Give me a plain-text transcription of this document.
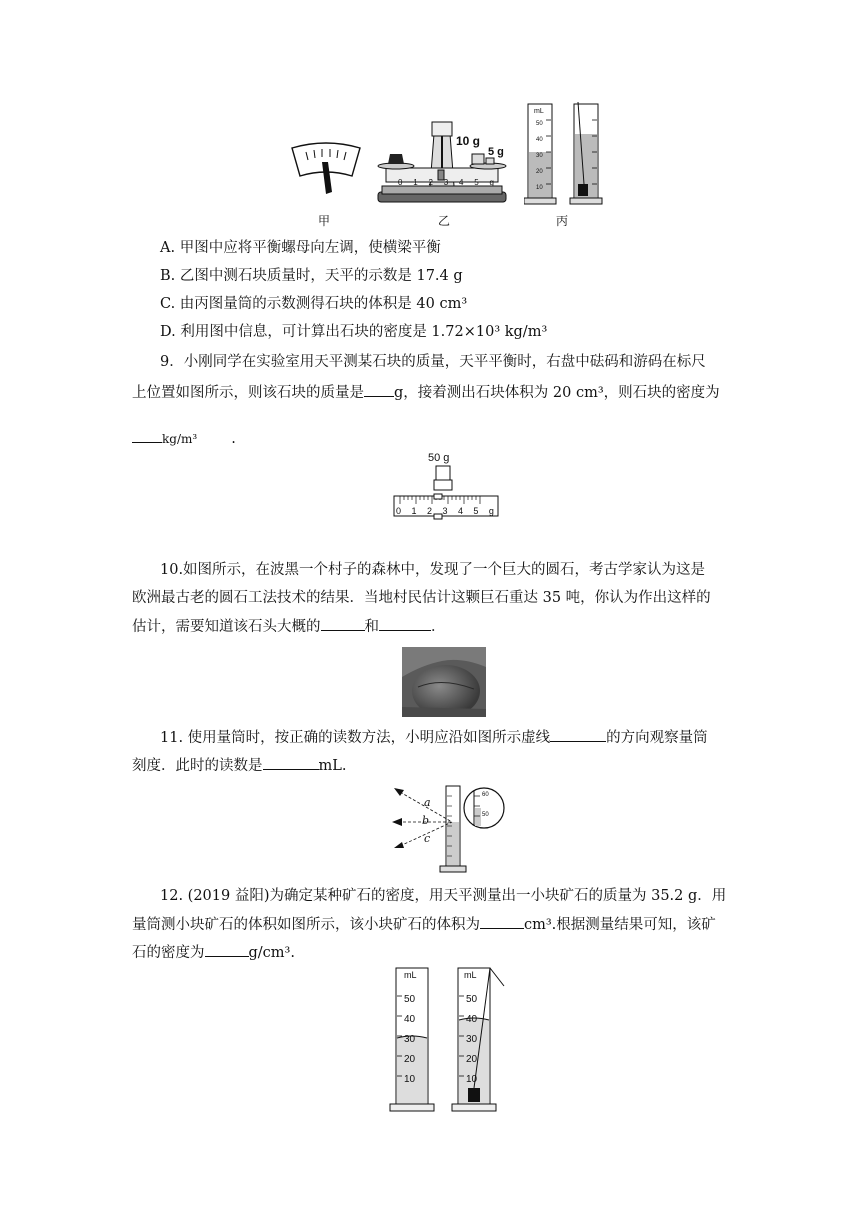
甲
0 1 2 3 4 5 g
10 g
5 g
乙
mL
50
40
30
20
10
丙
A. 甲图中应将平衡螺母向左调，使横梁平衡
B. 乙图中测石块质量时，天平的示数是 17.4 g
C. 由丙图量筒的示数测得石块的体积是 40 cm³
D. 利用图中信息，可计算出石块的密度是 1.72×10³ kg/m³
9．小刚同学在实验室用天平测某石块的质量，天平平衡时，右盘中砝码和游码在标尺
上位置如图所示，则该石块的质量是 g，接着测出石块体积为 20 cm³，则石块的密度为
kg/m³ .
50 g
0 1 2 3 4 5 g
10.如图所示，在波黑一个村子的森林中，发现了一个巨大的圆石，考古学家认为这是
欧洲最古老的圆石工法技术的结果．当地村民估计这颗巨石重达 35 吨，你认为作出这样的
估计，需要知道该石头大概的	和	．
11. 使用量筒时，按正确的读数方法，小明应沿如图所示虚线	的方向观察量筒
刻度．此时的读数是	mL.
a
b
c
60
50
12. (2019 益阳)为确定某种矿石的密度，用天平测量出一小块矿石的质量为 35.2 g．用
量筒测小块矿石的体积如图所示，该小块矿石的体积为	cm³.根据测量结果可知，该矿
石的密度为	g/cm³.
mL	mL
50
40
30
20
10
50
40
30
20
10
